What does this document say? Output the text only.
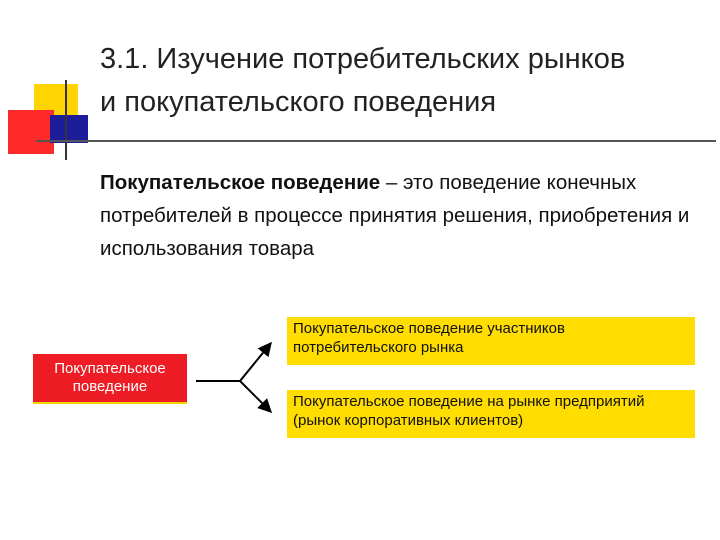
3.1. Изучение потребительских рынков
и покупательского поведения
Покупательское поведение – это поведение конечных потребителей в процессе принятия решения, приобретения и использования товара
Покупательское поведение
Покупательское поведение участников потребительского рынка
Покупательское поведение на рынке предприятий (рынок корпоративных клиентов)
